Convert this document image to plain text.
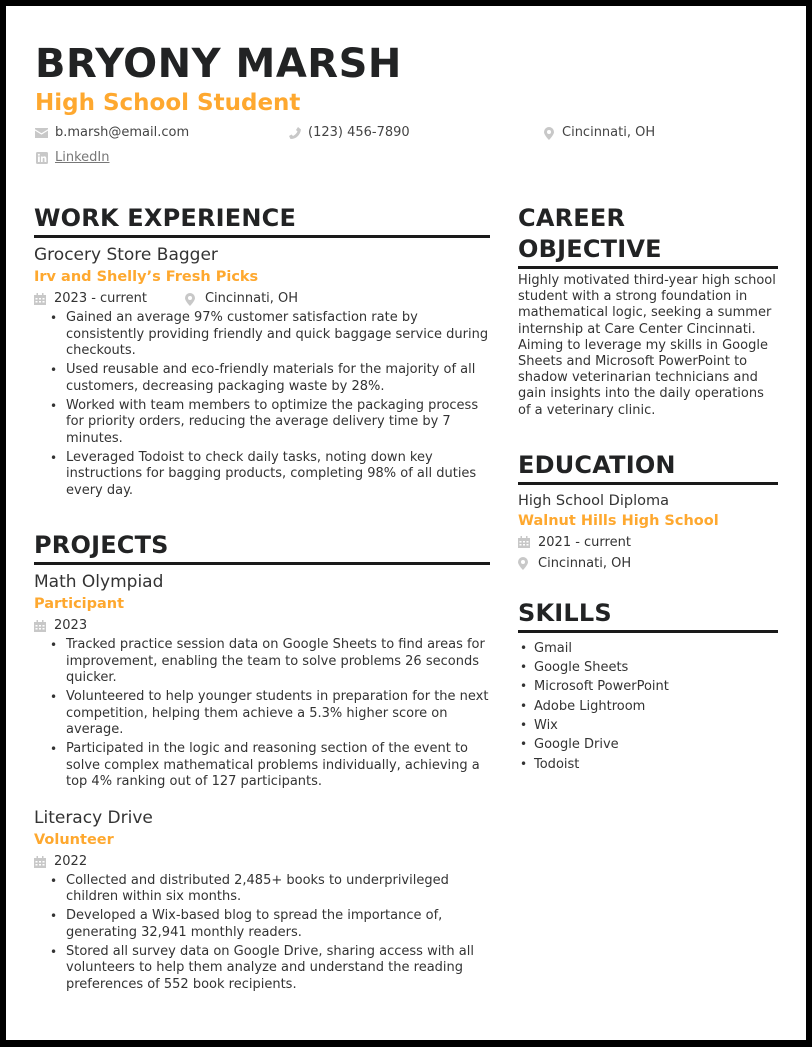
BRYONY MARSH
High School Student
b.marsh@email.com	(123) 456-7890	Cincinnati, OH
LinkedIn
WORK EXPERIENCE
Grocery Store Bagger
Irv and Shelly’s Fresh Picks
2023 - current	Cincinnati, OH
• Gained an average 97% customer satisfaction rate by consistently providing friendly and quick baggage service during checkouts.
• Used reusable and eco-friendly materials for the majority of all customers, decreasing packaging waste by 28%.
• Worked with team members to optimize the packaging process for priority orders, reducing the average delivery time by 7 minutes.
• Leveraged Todoist to check daily tasks, noting down key instructions for bagging products, completing 98% of all duties every day.
PROJECTS
Math Olympiad
Participant
2023
• Tracked practice session data on Google Sheets to find areas for improvement, enabling the team to solve problems 26 seconds quicker.
• Volunteered to help younger students in preparation for the next competition, helping them achieve a 5.3% higher score on average.
• Participated in the logic and reasoning section of the event to solve complex mathematical problems individually, achieving a top 4% ranking out of 127 participants.
Literacy Drive
Volunteer
2022
• Collected and distributed 2,485+ books to underprivileged children within six months.
• Developed a Wix-based blog to spread the importance of, generating 32,941 monthly readers.
• Stored all survey data on Google Drive, sharing access with all volunteers to help them analyze and understand the reading preferences of 552 book recipients.
CAREER
OBJECTIVE

Highly motivated third-year high school student with a strong foundation in mathematical logic, seeking a summer internship at Care Center Cincinnati. Aiming to leverage my skills in Google Sheets and Microsoft PowerPoint to shadow veterinarian technicians and gain insights into the daily operations of a veterinary clinic.

EDUCATION
High School Diploma
Walnut Hills High School
2021 - current
Cincinnati, OH
SKILLS
• Gmail
• Google Sheets
• Microsoft PowerPoint
• Adobe Lightroom
• Wix
• Google Drive
• Todoist
